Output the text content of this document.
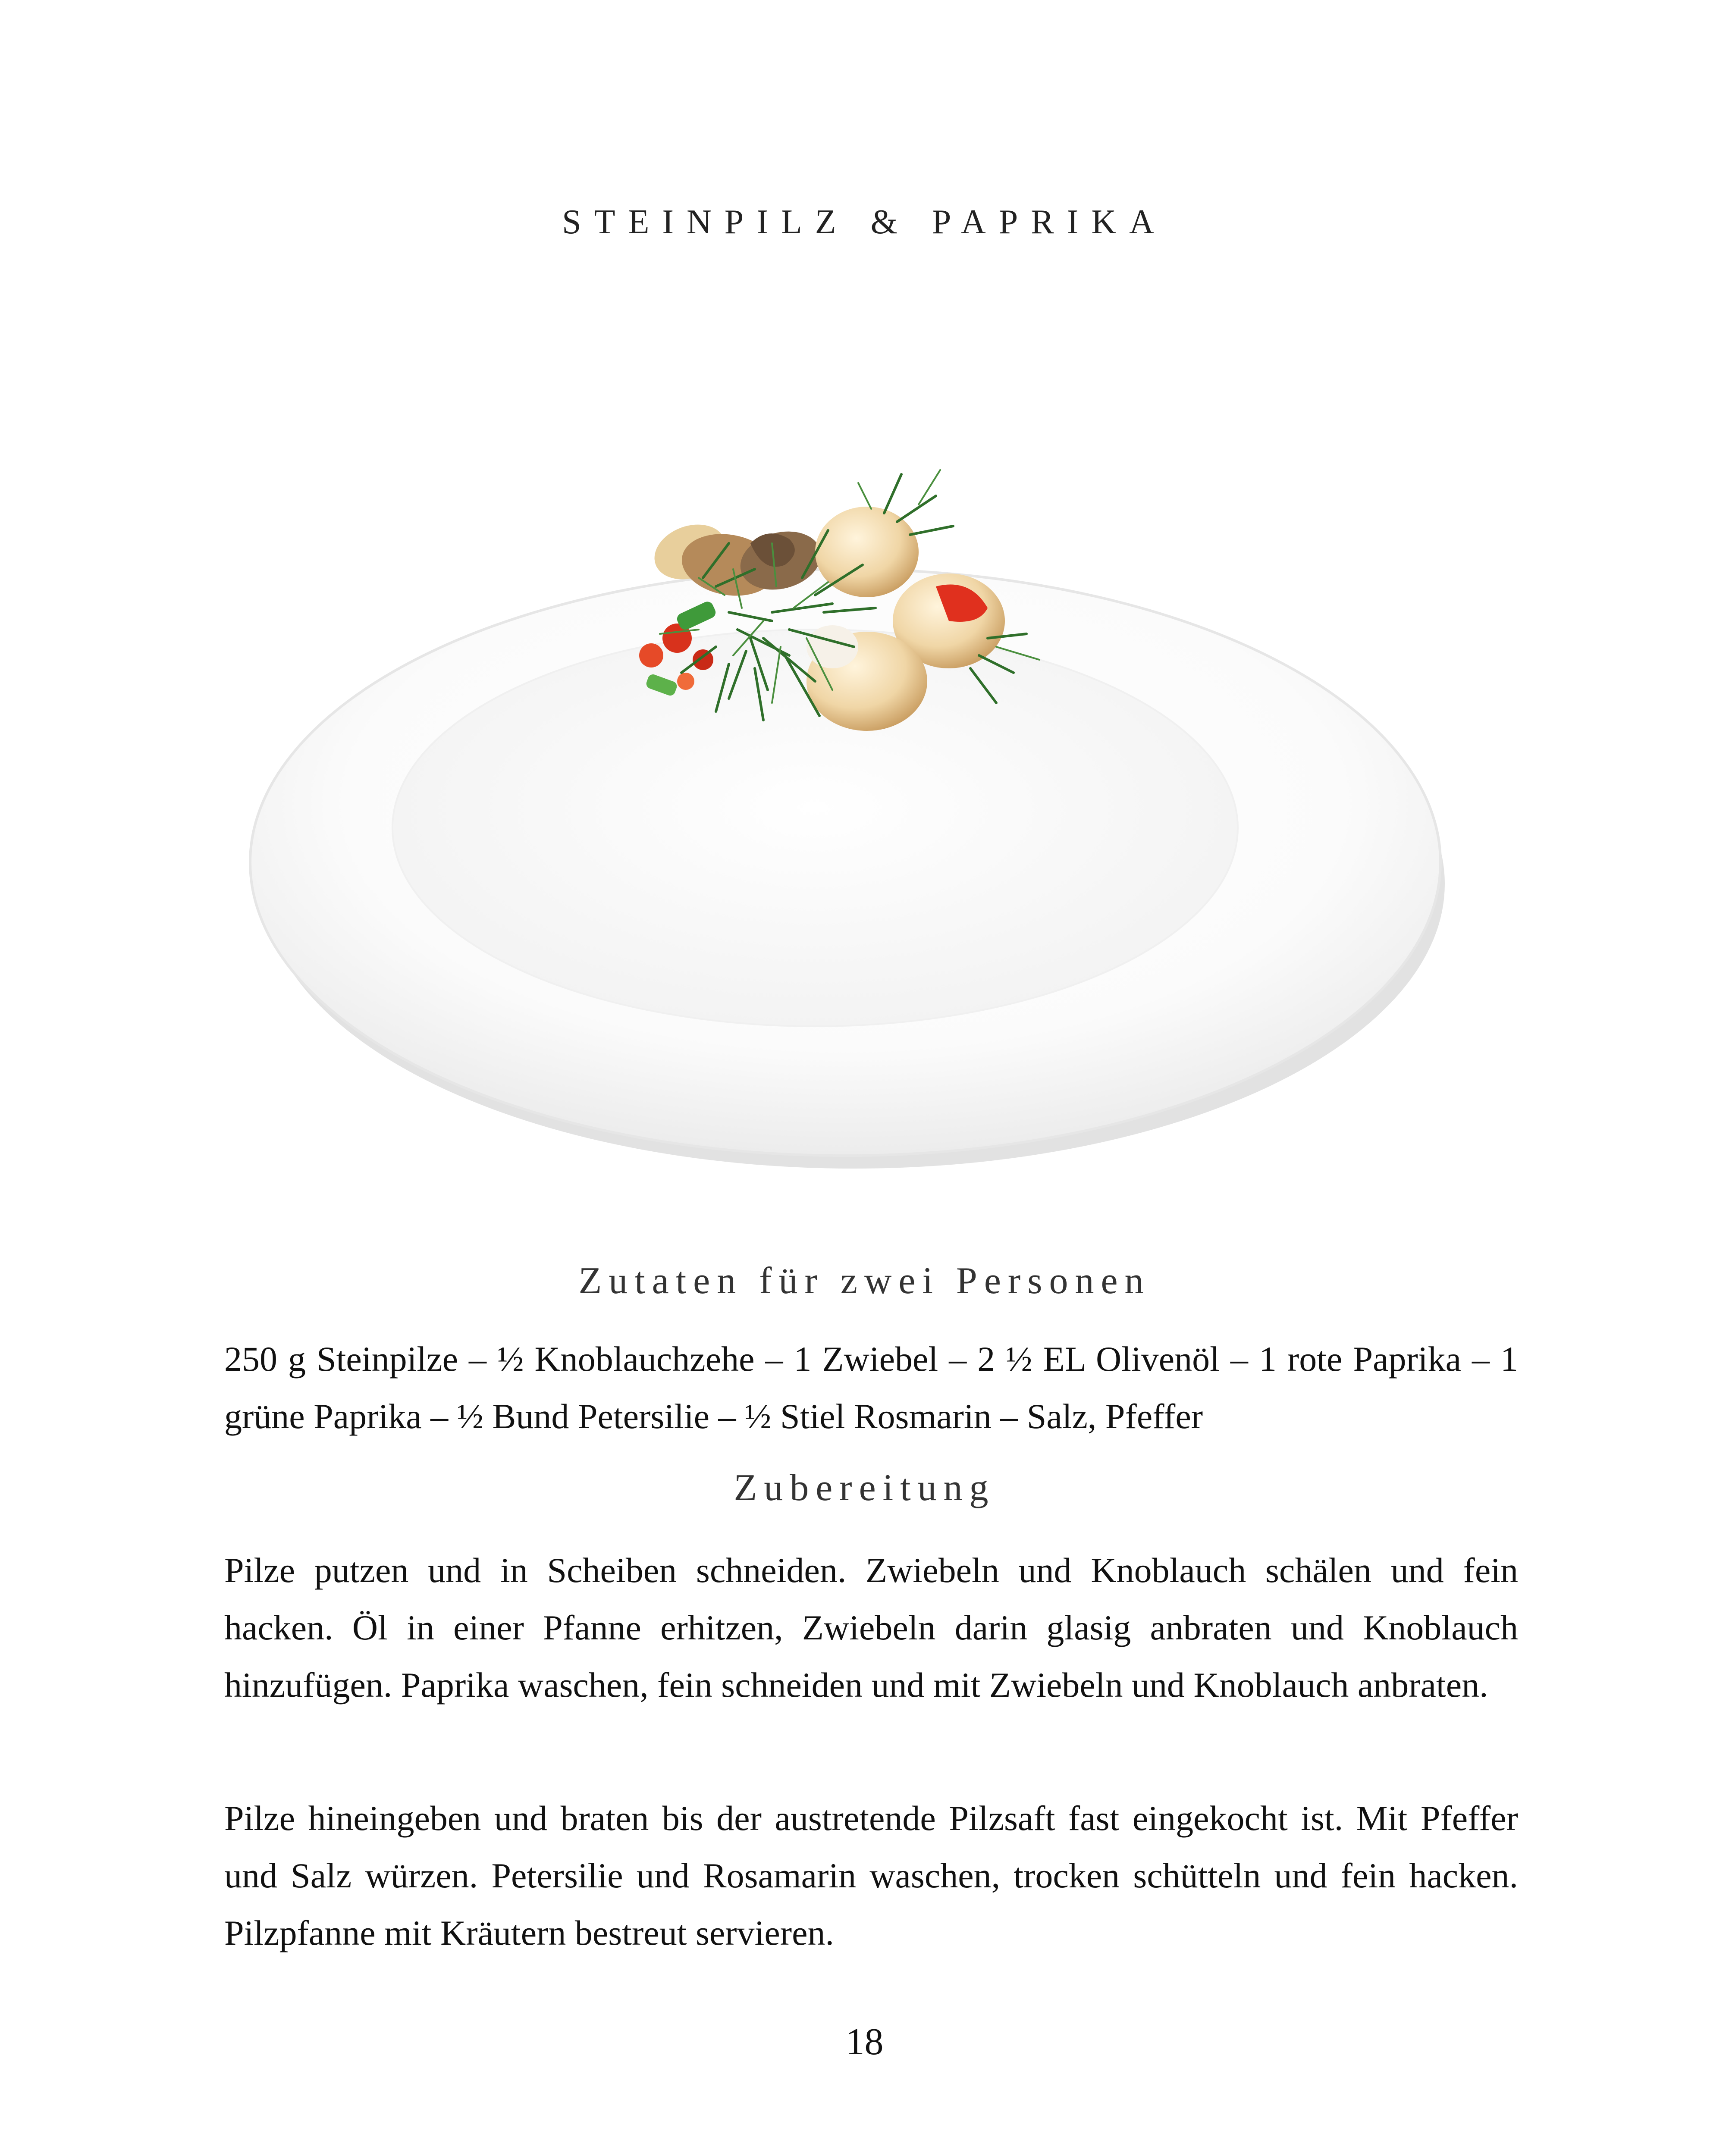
STEINPILZ & PAPRIKA
Zutaten für zwei Personen
250 g Steinpilze – ½ Knoblauchzehe – 1 Zwiebel – 2 ½ EL Olivenöl – 1 rote Paprika – 1 grüne Paprika – ½ Bund Petersilie – ½ Stiel Rosmarin – Salz, Pfeffer
Zubereitung
Pilze putzen und in Scheiben schneiden. Zwiebeln und Knoblauch schälen und fein hacken. Öl in einer Pfanne erhitzen, Zwiebeln darin glasig anbraten und Knoblauch hinzufügen. Paprika waschen, fein schneiden und mit Zwiebeln und Knoblauch anbraten.
Pilze hineingeben und braten bis der austretende Pilzsaft fast eingekocht ist. Mit Pfeffer und Salz würzen. Petersilie und Rosamarin waschen, trocken schütteln und fein hacken. Pilzpfanne mit Kräutern bestreut servieren.
18
